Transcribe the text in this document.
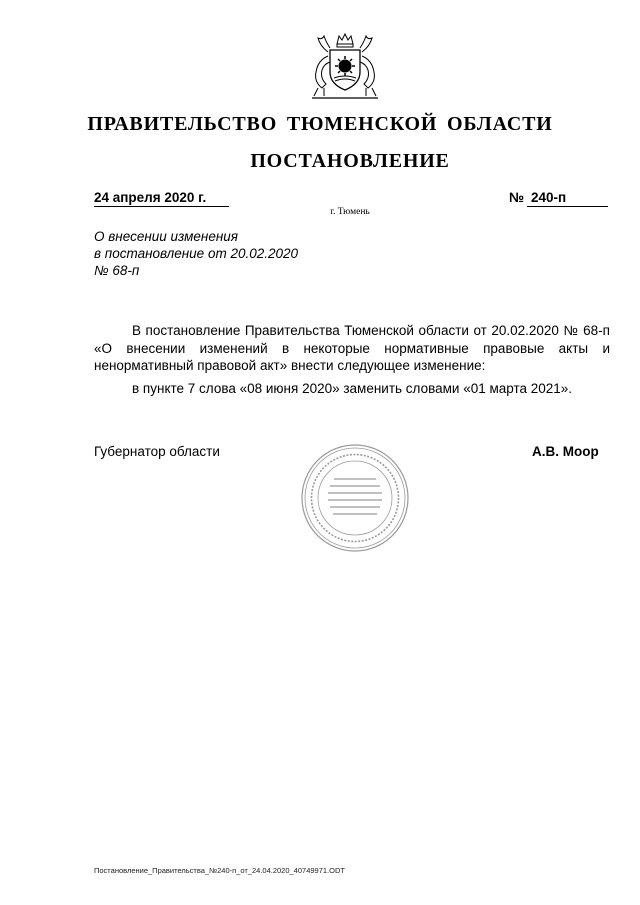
ПРАВИТЕЛЬСТВО ТЮМЕНСКОЙ ОБЛАСТИ
ПОСТАНОВЛЕНИЕ
24 апреля 2020 г.	№ 240-п
г. Тюмень
О внесении изменения
в постановление от 20.02.2020
№ 68-п
В постановление Правительства Тюменской области от 20.02.2020 № 68-п «О внесении изменений в некоторые нормативные правовые акты и ненормативный правовой акт» внести следующее изменение:
в пункте 7 слова «08 июня 2020» заменить словами «01 марта 2021».
Губернатор области	А.В. Моор
Постановление_Правительства_№240-п_от_24.04.2020_40749971.ODT
